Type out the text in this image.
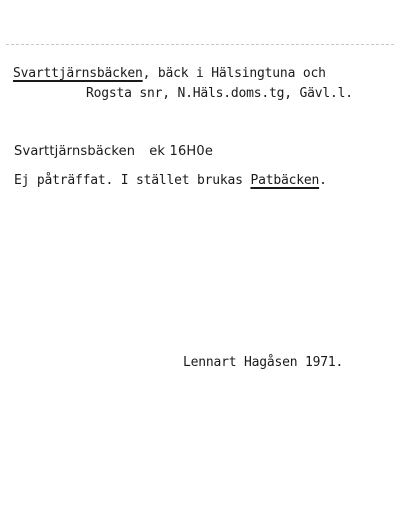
Svarttjärnsbäcken, bäck i Hälsingtuna och
Rogsta snr, N.Häls.doms.tg, Gävl.l.
Svarttjärnsbäcken ek 16H0e
Ej påträffat. I stället brukas Patbäcken.
Lennart Hagåsen 1971.
